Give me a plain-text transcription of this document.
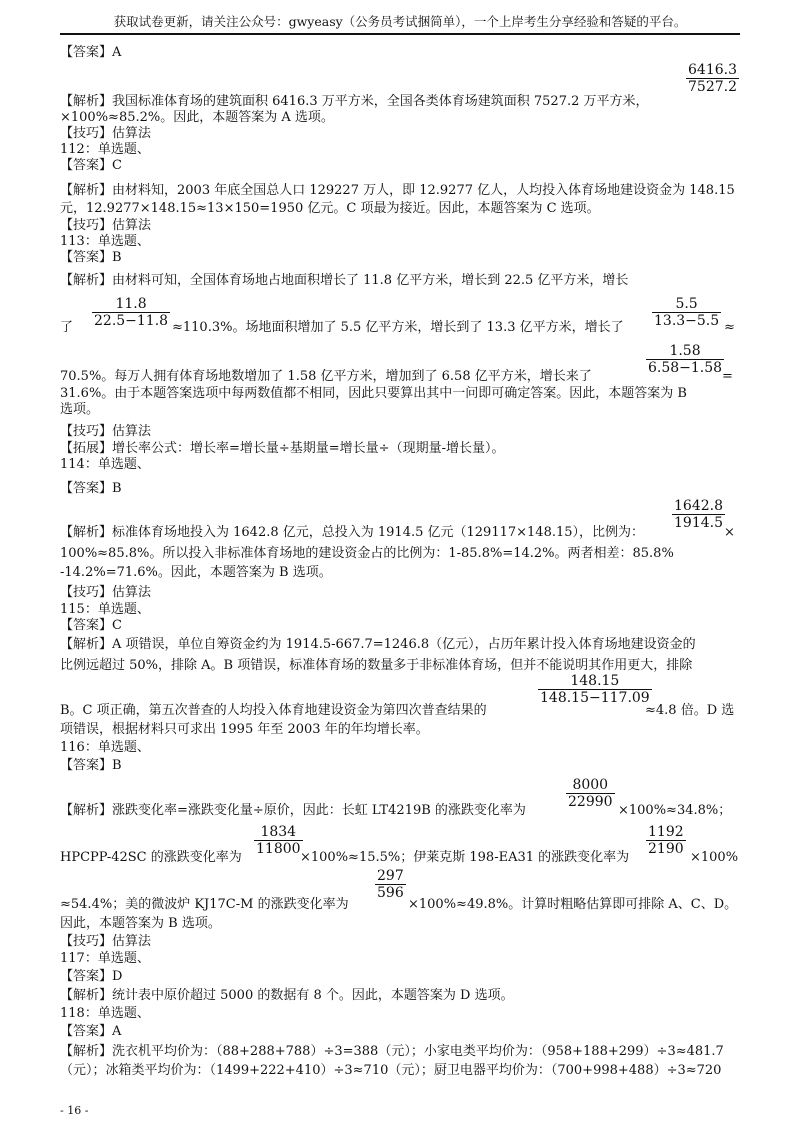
获取试卷更新，请关注公众号：gwyeasy（公务员考试捆简单），一个上岸考生分享经验和答疑的平台。
【答案】A
$\frac{6416.3}{7527.2}$
【解析】我国标准体育场的建筑面积 6416.3 万平方米，全国各类体育场建筑面积 7527.2 万平方米，
×100%≈85.2%。因此，本题答案为 A 选项。
【技巧】估算法
112：单选题、
【答案】C
【解析】由材料知，2003 年底全国总人口 129227 万人，即 12.9277 亿人，人均投入体育场地建设资金为 148.15
元，12.9277×148.15≈13×150=1950 亿元。C 项最为接近。因此，本题答案为 C 选项。
【技巧】估算法
113：单选题、
【答案】B
【解析】由材料可知，全国体育场地占地面积增长了 11.8 亿平方米，增长到 22.5 亿平方米，增长
$\frac{11.8}{22.5-11.8}$
了	≈110.3%。场地面积增加了 5.5 亿平方米，增长到了 13.3 亿平方米，增长了 $\frac{5.5}{13.3-5.5}$ ≈
$\frac{1.58}{6.58-1.58}$
70.5%。每万人拥有体育场地数增加了 1.58 亿平方米，增加到了 6.58 亿平方米，增长来了	=
31.6%。由于本题答案选项中每两数值都不相同，因此只要算出其中一问即可确定答案。因此，本题答案为 B
选项。
【技巧】估算法
【拓展】增长率公式：增长率=增长量÷基期量=增长量÷（现期量-增长量）。
114：单选题、
【答案】B
$\frac{1642.8}{1914.5}$
【解析】标准体育场地投入为 1642.8 亿元，总投入为 1914.5 亿元（129117×148.15），比例为：	×
100%≈85.8%。所以投入非标准体育场地的建设资金占的比例为：1-85.8%=14.2%。两者相差：85.8%
-14.2%=71.6%。因此，本题答案为 B 选项。
【技巧】估算法
115：单选题、
【答案】C
【解析】A 项错误，单位自筹资金约为 1914.5-667.7=1246.8（亿元），占历年累计投入体育场地建设资金的
比例远超过 50%，排除 A。B 项错误，标准体育场的数量多于非标准体育场，但并不能说明其作用更大，排除
$\frac{148.15}{148.15-117.09}$
B。C 项正确，第五次普查的人均投入体育地建设资金为第四次普查结果的	≈4.8 倍。D 选
项错误，根据材料只可求出 1995 年至 2003 年的年均增长率。
116：单选题、
【答案】B
$\frac{8000}{22990}$
【解析】涨跌变化率=涨跌变化量÷原价，因此：长虹 LT4219B 的涨跌变化率为	×100%≈34.8%；
$\frac{1834}{11800}$	$\frac{1192}{2190}$
HPCPP-42SC 的涨跌变化率为	×100%≈15.5%；伊莱克斯 198-EA31 的涨跌变化率为	×100%
$\frac{297}{596}$
≈54.4%；美的微波炉 KJ17C-M 的涨跌变化率为	×100%≈49.8%。计算时粗略估算即可排除 A、C、D。
因此，本题答案为 B 选项。
【技巧】估算法
117：单选题、
【答案】D
【解析】统计表中原价超过 5000 的数据有 8 个。因此，本题答案为 D 选项。
118：单选题、
【答案】A
【解析】洗衣机平均价为：（88+288+788）÷3=388（元）；小家电类平均价为：（958+188+299）÷3≈481.7
（元）；冰箱类平均价为：（1499+222+410）÷3≈710（元）；厨卫电器平均价为：（700+998+488）÷3≈720
- 16 -
